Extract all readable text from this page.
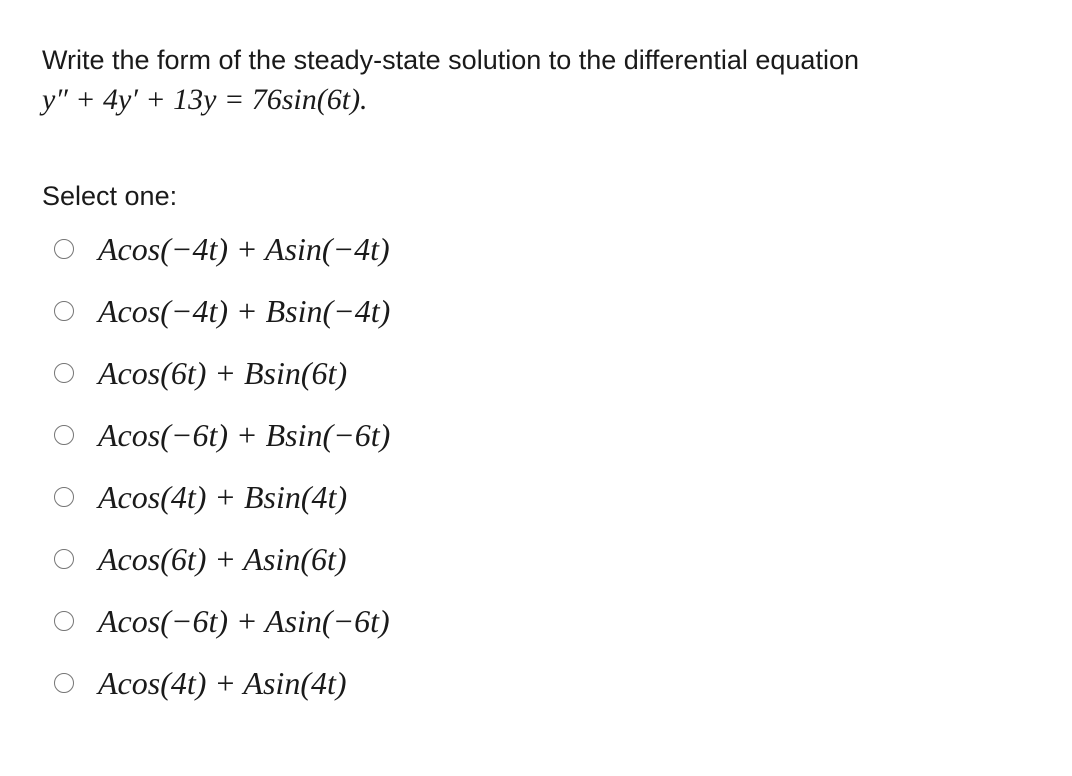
Write the form of the steady-state solution to the differential equation

y″ + 4y′ + 13y = 76sin(6t).

Select one:
Acos(−4t) + Asin(−4t)
Acos(−4t) + Bsin(−4t)
Acos(6t) + Bsin(6t)
Acos(−6t) + Bsin(−6t)
Acos(4t) + Bsin(4t)
Acos(6t) + Asin(6t)
Acos(−6t) + Asin(−6t)
Acos(4t) + Asin(4t)
